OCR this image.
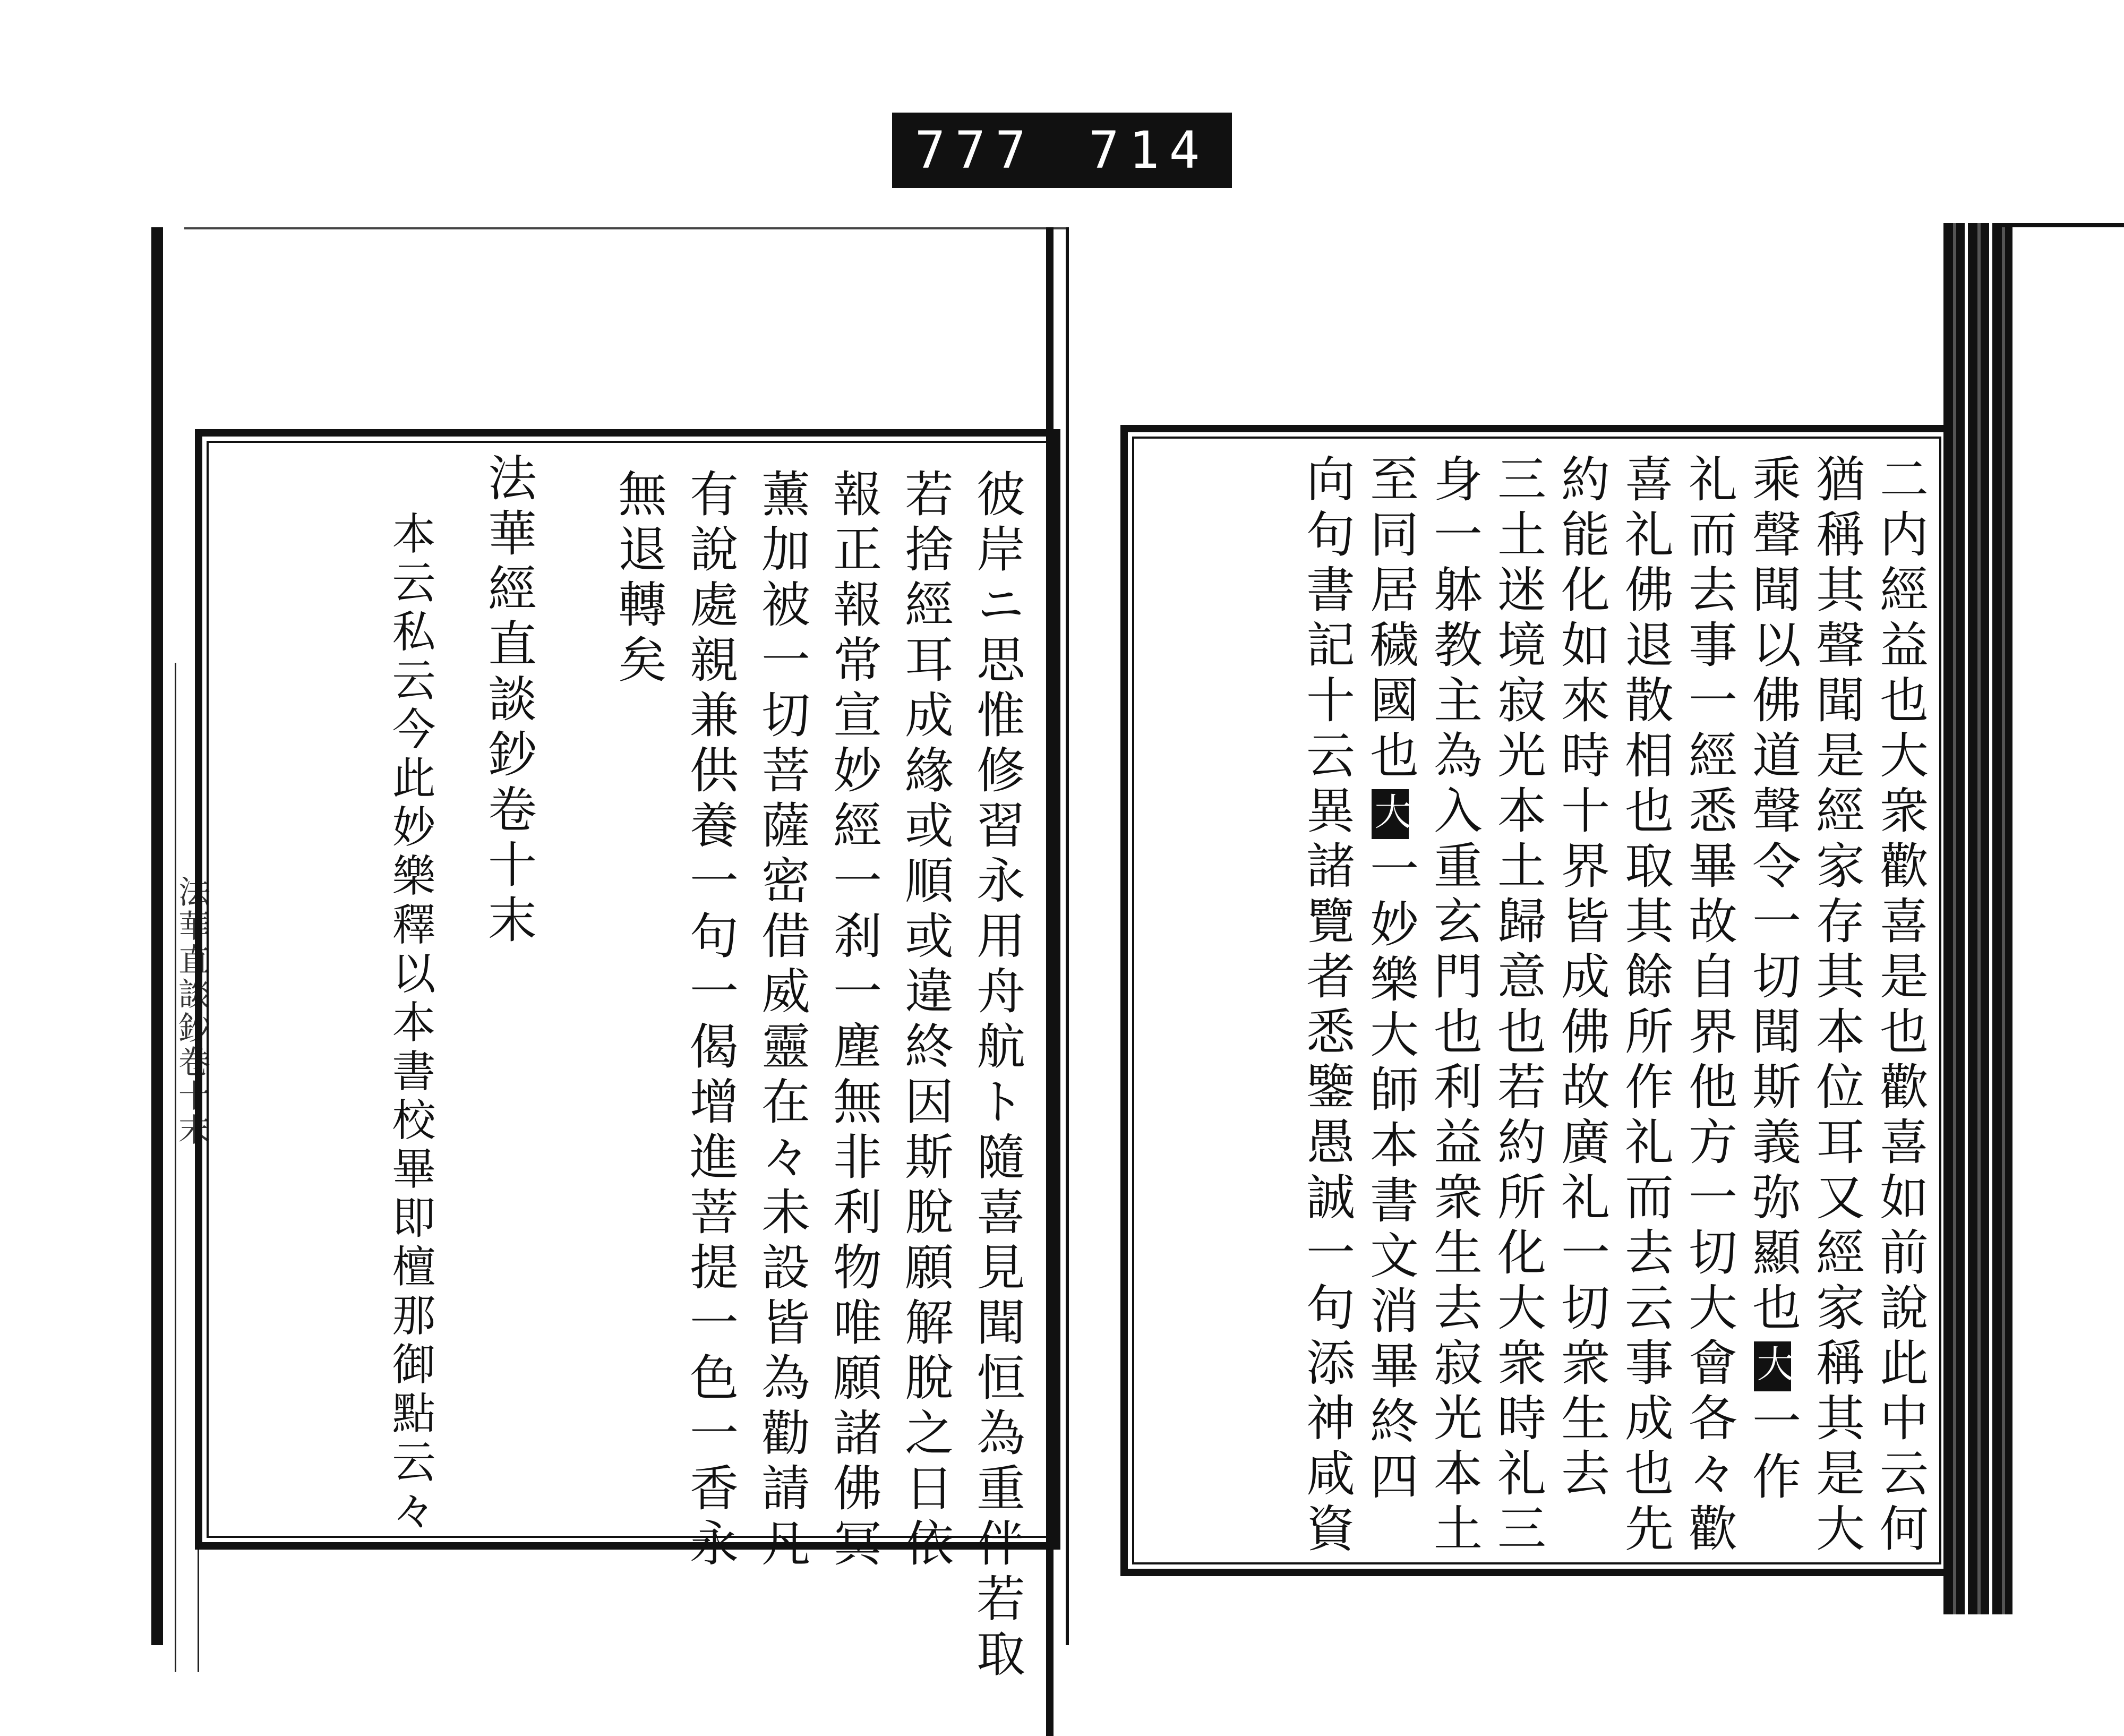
777	714
法華直談鈔卷十末	彼岸ニ思惟修習永用舟航ト隨喜見聞恒為重伴若取
若捨經耳成緣或順或違終因斯脫願解脫之日依
報正報常宣妙經一刹一塵無非利物唯願諸佛冥
薰加被一切菩薩密借威靈在々未設皆為勸請凡
有說處親兼供養一句一偈增進菩提一色一香永
無退轉矣
法華經直談鈔卷十末
本云私云今此妙樂釋以本書校畢即檀那御點云々	二内經益也大衆歡喜是也歡喜如前說此中云何
猶稱其聲聞是經家存其本位耳又經家稱其是大
乘聲聞以佛道聲令一切聞斯義弥顯也大一作
礼而去事一經悉畢故自界他方一切大會各々歡
喜礼佛退散相也取其餘所作礼而去云事成也先
約能化如來時十界皆成佛故廣礼一切衆生去
三土迷境寂光本土歸意也若約所化大衆時礼三
身一躰教主為入重玄門也利益衆生去寂光本土
至同居穢國也大一妙樂大師本書文消畢終四
向句書記十云異諸覽者悉鑒愚誠一句添神咸資
